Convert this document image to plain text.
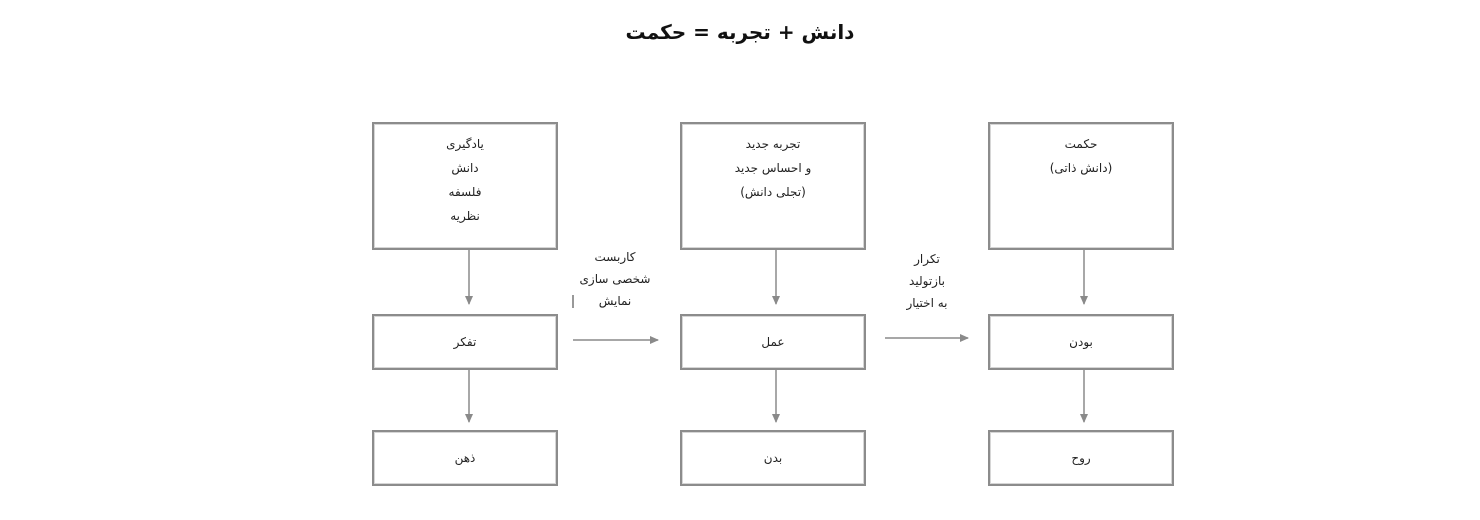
دانش + تجربه = حکمت
یادگیری
دانش
فلسفه
نظریه
تفکر
ذهن
تجربه جدید
و احساس جدید
(تجلی دانش)
عمل
بدن
حکمت
(دانش ذاتی)
بودن
روح
کاربست
شخصی سازی
نمایش
تکرار
بازتولید
به اختیار
